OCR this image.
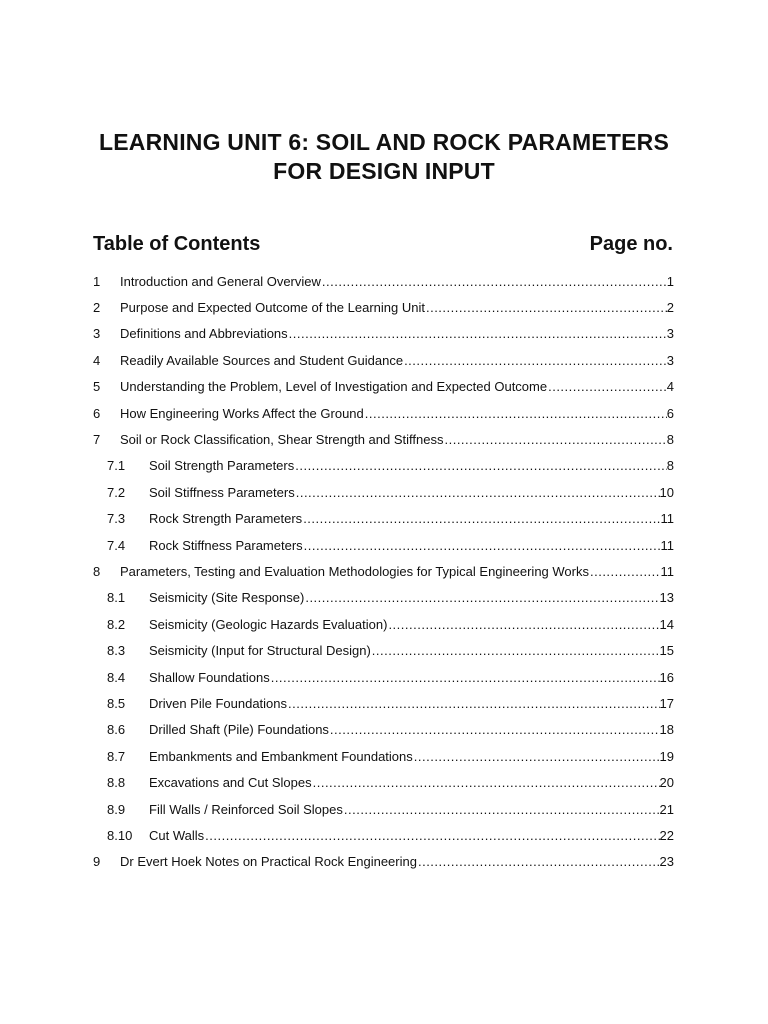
LEARNING UNIT 6: SOIL AND ROCK PARAMETERS
FOR DESIGN INPUT
Table of Contents	Page no.
1	Introduction and General Overview .....	1
2	Purpose and Expected Outcome of the Learning Unit .....	2
3	Definitions and Abbreviations .....	3
4	Readily Available Sources and Student Guidance .....	3
5	Understanding the Problem, Level of Investigation and Expected Outcome .....	4
6	How Engineering Works Affect the Ground .....	6
7	Soil or Rock Classification, Shear Strength and Stiffness .....	8
7.1	Soil Strength Parameters .....	8
7.2	Soil Stiffness Parameters .....	10
7.3	Rock Strength Parameters .....	11
7.4	Rock Stiffness Parameters .....	11
8	Parameters, Testing and Evaluation Methodologies for Typical Engineering Works .....	11
8.1	Seismicity (Site Response) .....	13
8.2	Seismicity (Geologic Hazards Evaluation) .....	14
8.3	Seismicity (Input for Structural Design) .....	15
8.4	Shallow Foundations .....	16
8.5	Driven Pile Foundations .....	17
8.6	Drilled Shaft (Pile) Foundations .....	18
8.7	Embankments and Embankment Foundations .....	19
8.8	Excavations and Cut Slopes .....	20
8.9	Fill Walls / Reinforced Soil Slopes .....	21
8.10	Cut Walls .....	22
9	Dr Evert Hoek Notes on Practical Rock Engineering .....	23
